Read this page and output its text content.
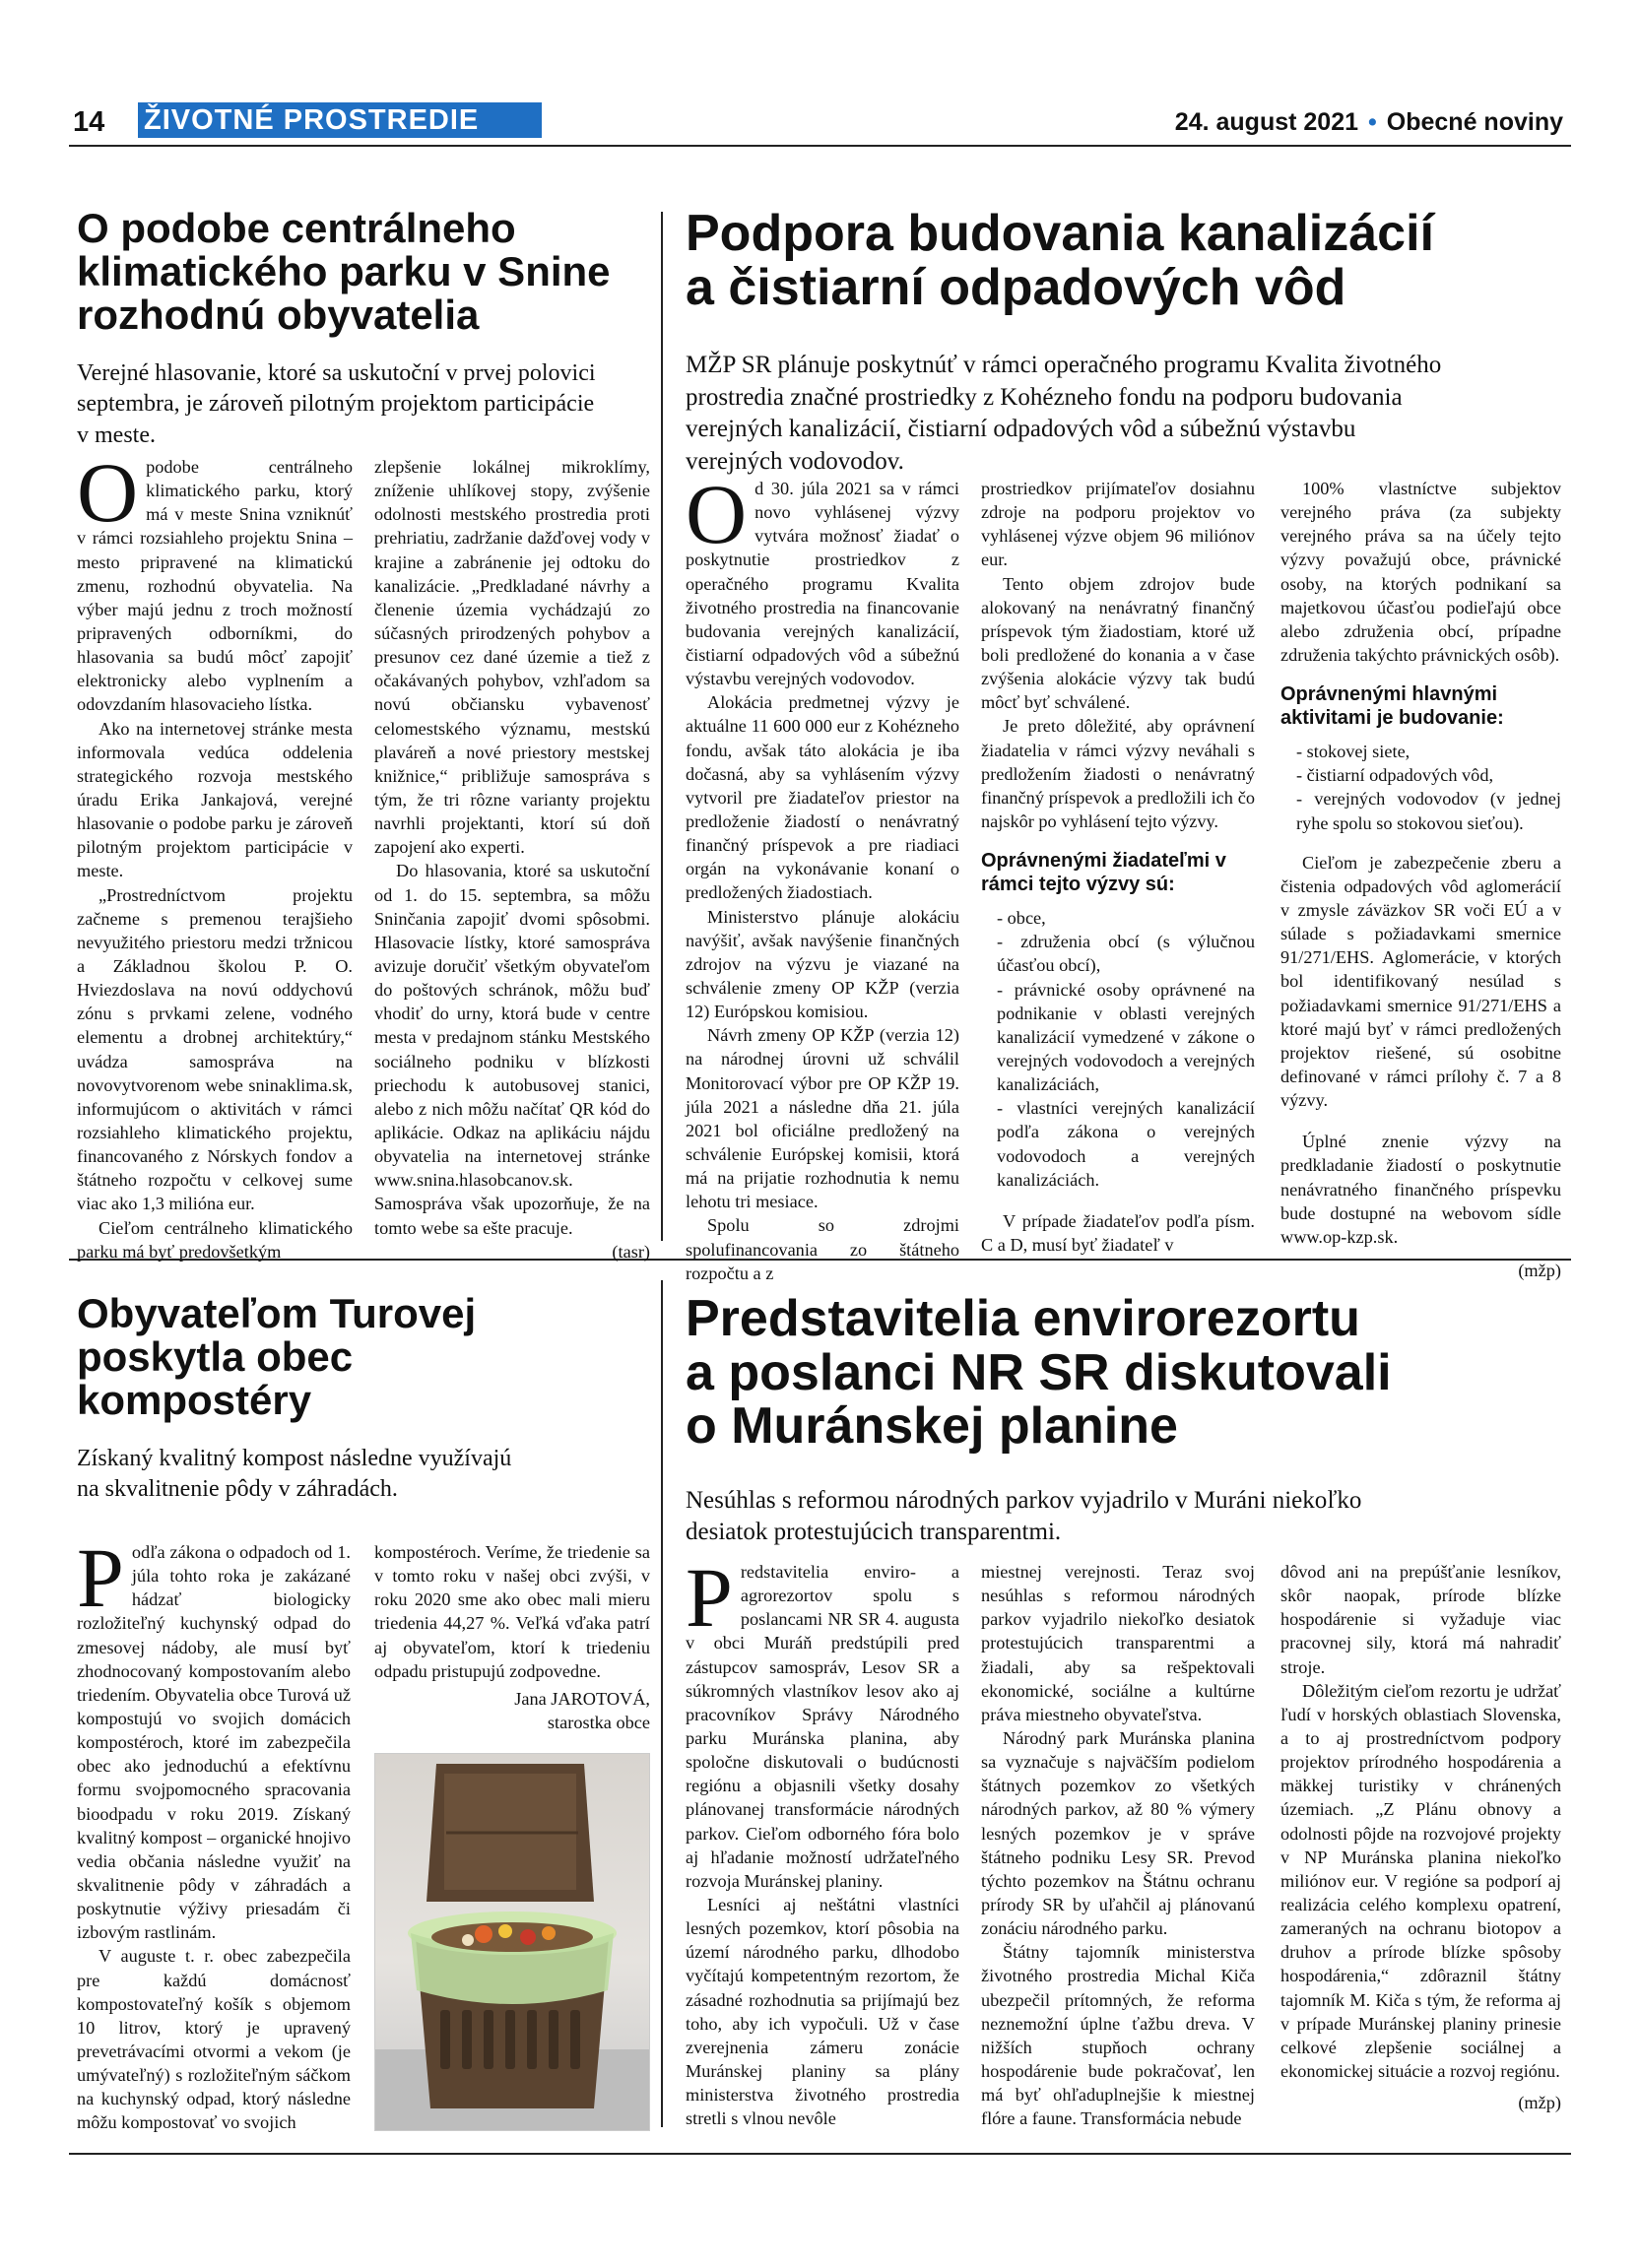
14 ŽIVOTNÉ PROSTREDIE	24. august 2021 • Obecné noviny
O podobe centrálneho
klimatického parku v Snine
rozhodnú obyvatelia

Verejné hlasovanie, ktoré sa uskutoční v prvej polovici
septembra, je zároveň pilotným projektom participácie
v meste.

Opodobe centrálneho klimatického parku, ktorý má v meste Snina vzniknúť v rámci rozsiahleho projektu Snina – mesto pripravené na klimatickú zmenu, rozhodnú obyvatelia. Na výber majú jednu z troch možností pripravených odborníkmi, do hlasovania sa budú môcť zapojiť elektronicky alebo vyplnením a odovzdaním hlasovacieho lístka.

Ako na internetovej stránke mesta informovala vedúca oddelenia strategického rozvoja mestského úradu Erika Jankajová, verejné hlasovanie o podobe parku je zároveň pilotným projektom participácie v meste.

„Prostredníctvom projektu začneme s premenou terajšieho nevyužitého priestoru medzi tržnicou a Základnou školou P. O. Hviezdoslava na novú oddychovú zónu s prvkami zelene, vodného elementu a drobnej architektúry,“ uvádza samospráva na novovytvorenom webe sninaklima.sk, informujúcom o aktivitách v rámci rozsiahleho klimatického projektu, financovaného z Nórskych fondov a štátneho rozpočtu v celkovej sume viac ako 1,3 milióna eur.

Cieľom centrálneho klimatického parku má byť predovšetkým

zlepšenie lokálnej mikroklímy, zníženie uhlíkovej stopy, zvýšenie odolnosti mestského prostredia proti prehriatiu, zadržanie dažďovej vody v krajine a zabránenie jej odtoku do kanalizácie. „Predkladané návrhy a členenie územia vychádzajú zo súčasných prirodzených pohybov a presunov cez dané územie a tiež z očakávaných pohybov, vzhľadom sa novú občiansku vybavenosť celomestského významu, mestskú plaváreň a nové priestory mestskej knižnice,“ približuje samospráva s tým, že tri rôzne varianty projektu navrhli projektanti, ktorí sú doň zapojení ako experti.

Do hlasovania, ktoré sa uskutoční od 1. do 15. septembra, sa môžu Sninčania zapojiť dvomi spôsobmi. Hlasovacie lístky, ktoré samospráva avizuje doručiť všetkým obyvateľom do poštových schránok, môžu buď vhodiť do urny, ktorá bude v centre mesta v predajnom stánku Mestského sociálneho podniku v blízkosti priechodu k autobusovej stanici, alebo z nich môžu načítať QR kód do aplikácie. Odkaz na aplikáciu nájdu obyvatelia na internetovej stránke www.snina.hlasobcanov.sk. Samospráva však upozorňuje, že na tomto webe sa ešte pracuje.

(tasr)

Podpora budovania kanalizácií
a čistiarní odpadových vôd

MŽP SR plánuje poskytnúť v rámci operačného programu Kvalita životného
prostredia značné prostriedky z Kohézneho fondu na podporu budovania
verejných kanalizácií, čistiarní odpadových vôd a súbežnú výstavbu
verejných vodovodov.

Od 30. júla 2021 sa v rámci novo vyhlásenej výzvy vytvára možnosť žiadať o poskytnutie prostriedkov z operačného programu Kvalita životného prostredia na financovanie budovania verejných kanalizácií, čistiarní odpadových vôd a súbežnú výstavbu verejných vodovodov.

Alokácia predmetnej výzvy je aktuálne 11 600 000 eur z Kohézneho fondu, avšak táto alokácia je iba dočasná, aby sa vyhlásením výzvy vytvoril pre žiadateľov priestor na predloženie žiadostí o nenávratný finančný príspevok a pre riadiaci orgán na vykonávanie konaní o predložených žiadostiach.

Ministerstvo plánuje alokáciu navýšiť, avšak navýšenie finančných zdrojov na výzvu je viazané na schválenie zmeny OP KŽP (verzia 12) Európskou komisiou.

Návrh zmeny OP KŽP (verzia 12) na národnej úrovni už schválil Monitorovací výbor pre OP KŽP 19. júla 2021 a následne dňa 21. júla 2021 bol oficiálne predložený na schválenie Európskej komisii, ktorá má na prijatie rozhodnutia k nemu lehotu tri mesiace.

Spolu so zdrojmi spolufinancovania zo štátneho rozpočtu a z

prostriedkov prijímateľov dosiahnu zdroje na podporu projektov vo vyhlásenej výzve objem 96 miliónov eur.

Tento objem zdrojov bude alokovaný na nenávratný finančný príspevok tým žiadostiam, ktoré už boli predložené do konania a v čase zvýšenia alokácie výzvy tak budú môcť byť schválené.

Je preto dôležité, aby oprávnení žiadatelia v rámci výzvy neváhali s predložením žiadosti o nenávratný finančný príspevok a predložili ich čo najskôr po vyhlásení tejto výzvy.

Oprávnenými žiadateľmi v rámci tejto výzvy sú:

- obce,

- združenia obcí (s výlučnou účasťou obcí),

- právnické osoby oprávnené na podnikanie v oblasti verejných kanalizácií vymedzené v zákone o verejných vodovodoch a verejných kanalizáciách,

- vlastníci verejných kanalizácií podľa zákona o verejných vodovodoch a verejných kanalizáciách.

V prípade žiadateľov podľa písm. C a D, musí byť žiadateľ v

100% vlastníctve subjektov verejného práva (za subjekty verejného práva sa na účely tejto výzvy považujú obce, právnické osoby, na ktorých podnikaní sa majetkovou účasťou podieľajú obce alebo združenia obcí, prípadne združenia takýchto právnických osôb).

Oprávnenými hlavnými aktivitami je budovanie:

- stokovej siete,

- čistiarní odpadových vôd,

- verejných vodovodov (v jednej ryhe spolu so stokovou sieťou).

Cieľom je zabezpečenie zberu a čistenia odpadových vôd aglomerácií v zmysle záväzkov SR voči EÚ a v súlade s požiadavkami smernice 91/271/EHS. Aglomerácie, v ktorých bol identifikovaný nesúlad s požiadavkami smernice 91/271/EHS a ktoré majú byť v rámci predložených projektov riešené, sú osobitne definované v rámci prílohy č. 7 a 8 výzvy.

Úplné znenie výzvy na predkladanie žiadostí o poskytnutie nenávratného finančného príspevku bude dostupné na webovom sídle www.op-kzp.sk.

(mžp)

Obyvateľom Turovej
poskytla obec
kompostéry

Získaný kvalitný kompost následne využívajú
na skvalitnenie pôdy v záhradách.

Podľa zákona o odpadoch od 1. júla tohto roka je zakázané hádzať biologicky rozložiteľný kuchynský odpad do zmesovej nádoby, ale musí byť zhodnocovaný kompostovaním alebo triedením. Obyvatelia obce Turová už kompostujú vo svojich domácich kompostéroch, ktoré im zabezpečila obec ako jednoduchú a efektívnu formu svojpomocného spracovania bioodpadu v roku 2019. Získaný kvalitný kompost – organické hnojivo vedia občania následne využiť na skvalitnenie pôdy v záhradách a poskytnutie výživy priesadám či izbovým rastlinám.

V auguste t. r. obec zabezpečila pre každú domácnosť kompostovateľný košík s objemom 10 litrov, ktorý je upravený prevetrávacími otvormi a vekom (je umývateľný) s rozložiteľným sáčkom na kuchynský odpad, ktorý následne môžu kompostovať vo svojich

kompostéroch. Veríme, že triedenie sa v tomto roku v našej obci zvýši, v roku 2020 sme ako obec mali mieru triedenia 44,27 %. Veľká vďaka patrí aj obyvateľom, ktorí k triedeniu odpadu pristupujú zodpovedne.

Jana JAROTOVÁ,

starostka obce

Predstavitelia envirorezortu
a poslanci NR SR diskutovali
o Muránskej planine

Nesúhlas s reformou národných parkov vyjadrilo v Muráni niekoľko
desiatok protestujúcich transparentmi.

Predstavitelia enviro- a agrorezortov spolu s poslancami NR SR 4. augusta v obci Muráň predstúpili pred zástupcov samospráv, Lesov SR a súkromných vlastníkov lesov ako aj pracovníkov Správy Národného parku Muránska planina, aby spoločne diskutovali o budúcnosti regiónu a objasnili všetky dosahy plánovanej transformácie národných parkov. Cieľom odborného fóra bolo aj hľadanie možností udržateľného rozvoja Muránskej planiny.

Lesníci aj neštátni vlastníci lesných pozemkov, ktorí pôsobia na území národného parku, dlhodobo vyčítajú kompetentným rezortom, že zásadné rozhodnutia sa prijímajú bez toho, aby ich vypočuli. Už v čase zverejnenia zámeru zonácie Muránskej planiny sa plány ministerstva životného prostredia stretli s vlnou nevôle

miestnej verejnosti. Teraz svoj nesúhlas s reformou národných parkov vyjadrilo niekoľko desiatok protestujúcich transparentmi a žiadali, aby sa rešpektovali ekonomické, sociálne a kultúrne práva miestneho obyvateľstva.

Národný park Muránska planina sa vyznačuje s najväčším podielom štátnych pozemkov zo všetkých národných parkov, až 80 % výmery lesných pozemkov je v správe štátneho podniku Lesy SR. Prevod týchto pozemkov na Štátnu ochranu prírody SR by uľahčil aj plánovanú zonáciu národného parku.

Štátny tajomník ministerstva životného prostredia Michal Kiča ubezpečil prítomných, že reforma neznemožní úplne ťažbu dreva. V nižších stupňoch ochrany hospodárenie bude pokračovať, len má byť ohľaduplnejšie k miestnej flóre a faune. Transformácia nebude

dôvod ani na prepúšťanie lesníkov, skôr naopak, prírode blízke hospodárenie si vyžaduje viac pracovnej sily, ktorá má nahradiť stroje.

Dôležitým cieľom rezortu je udržať ľudí v horských oblastiach Slovenska, a to aj prostredníctvom podpory projektov prírodného hospodárenia a mäkkej turistiky v chránených územiach. „Z Plánu obnovy a odolnosti pôjde na rozvojové projekty v NP Muránska planina niekoľko miliónov eur. V regióne sa podporí aj realizácia celého komplexu opatrení, zameraných na ochranu biotopov a druhov a prírode blízke spôsoby hospodárenia,“ zdôraznil štátny tajomník M. Kiča s tým, že reforma aj v prípade Muránskej planiny prinesie celkové zlepšenie sociálnej a ekonomickej situácie a rozvoj regiónu.

(mžp)
